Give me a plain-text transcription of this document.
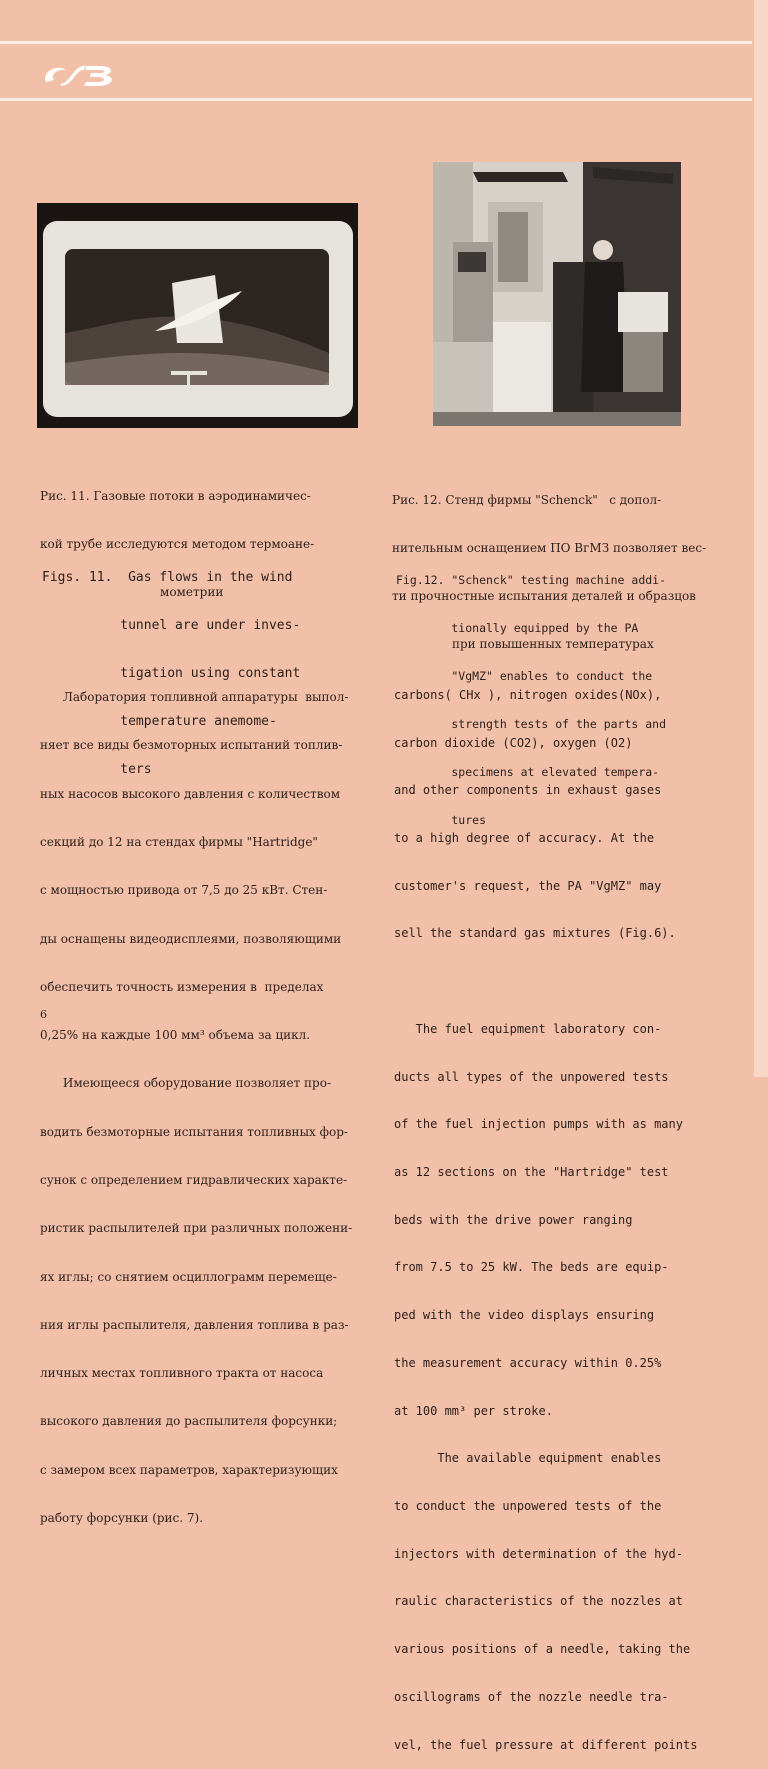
Рис. 11. Газовые потоки в аэродинамичес-

кой трубе исследуются методом термоане-

мометрии

Рис. 12. Стенд фирмы "Schenck"   с допол-

нительным оснащением ПО ВгМЗ позволяет вес-

ти прочностные испытания деталей и образцов

при повышенных температурах

Figs. 11.  Gas flows in the wind

tunnel are under inves-

tigation using constant

temperature anemome-

ters

Fig.12. "Schenck" testing machine addi-

tionally equipped by the PA

"VgMZ" enables to conduct the

strength tests of the parts and

specimens at elevated tempera-

tures

Лаборатория топливной аппаратуры  выпол-

няет все виды безмоторных испытаний топлив-

ных насосов высокого давления с количеством

секций до 12 на стендах фирмы "Hartridge"

с мощностью привода от 7,5 до 25 кВт. Стен-

ды оснащены видеодисплеями, позволяющими

обеспечить точность измерения в  пределах

0,25% на каждые 100 мм³ объема за цикл.

Имеющееся оборудование позволяет про-

водить безмоторные испытания топливных фор-

сунок с определением гидравлических характе-

ристик распылителей при различных положени-

ях иглы; со снятием осциллограмм перемеще-

ния иглы распылителя, давления топлива в раз-

личных местах топливного тракта от насоса

высокого давления до распылителя форсунки;

с замером всех параметров, характеризующих

работу форсунки (рис. 7).

carbons( CHx ), nitrogen oxides(NOx),

carbon dioxide (CO2), oxygen (O2)

and other components in exhaust gases

to a high degree of accuracy. At the

customer's request, the PA "VgMZ" may

sell the standard gas mixtures (Fig.6).

The fuel equipment laboratory con-

ducts all types of the unpowered tests

of the fuel injection pumps with as many

as 12 sections on the "Hartridge" test

beds with the drive power ranging

from 7.5 to 25 kW. The beds are equip-

ped with the video displays ensuring

the measurement accuracy within 0.25%

at 100 mm³ per stroke.

The available equipment enables

to conduct the unpowered tests of the

injectors with determination of the hyd-

raulic characteristics of the nozzles at

various positions of a needle, taking the

oscillograms of the nozzle needle tra-

vel, the fuel pressure at different points

6
